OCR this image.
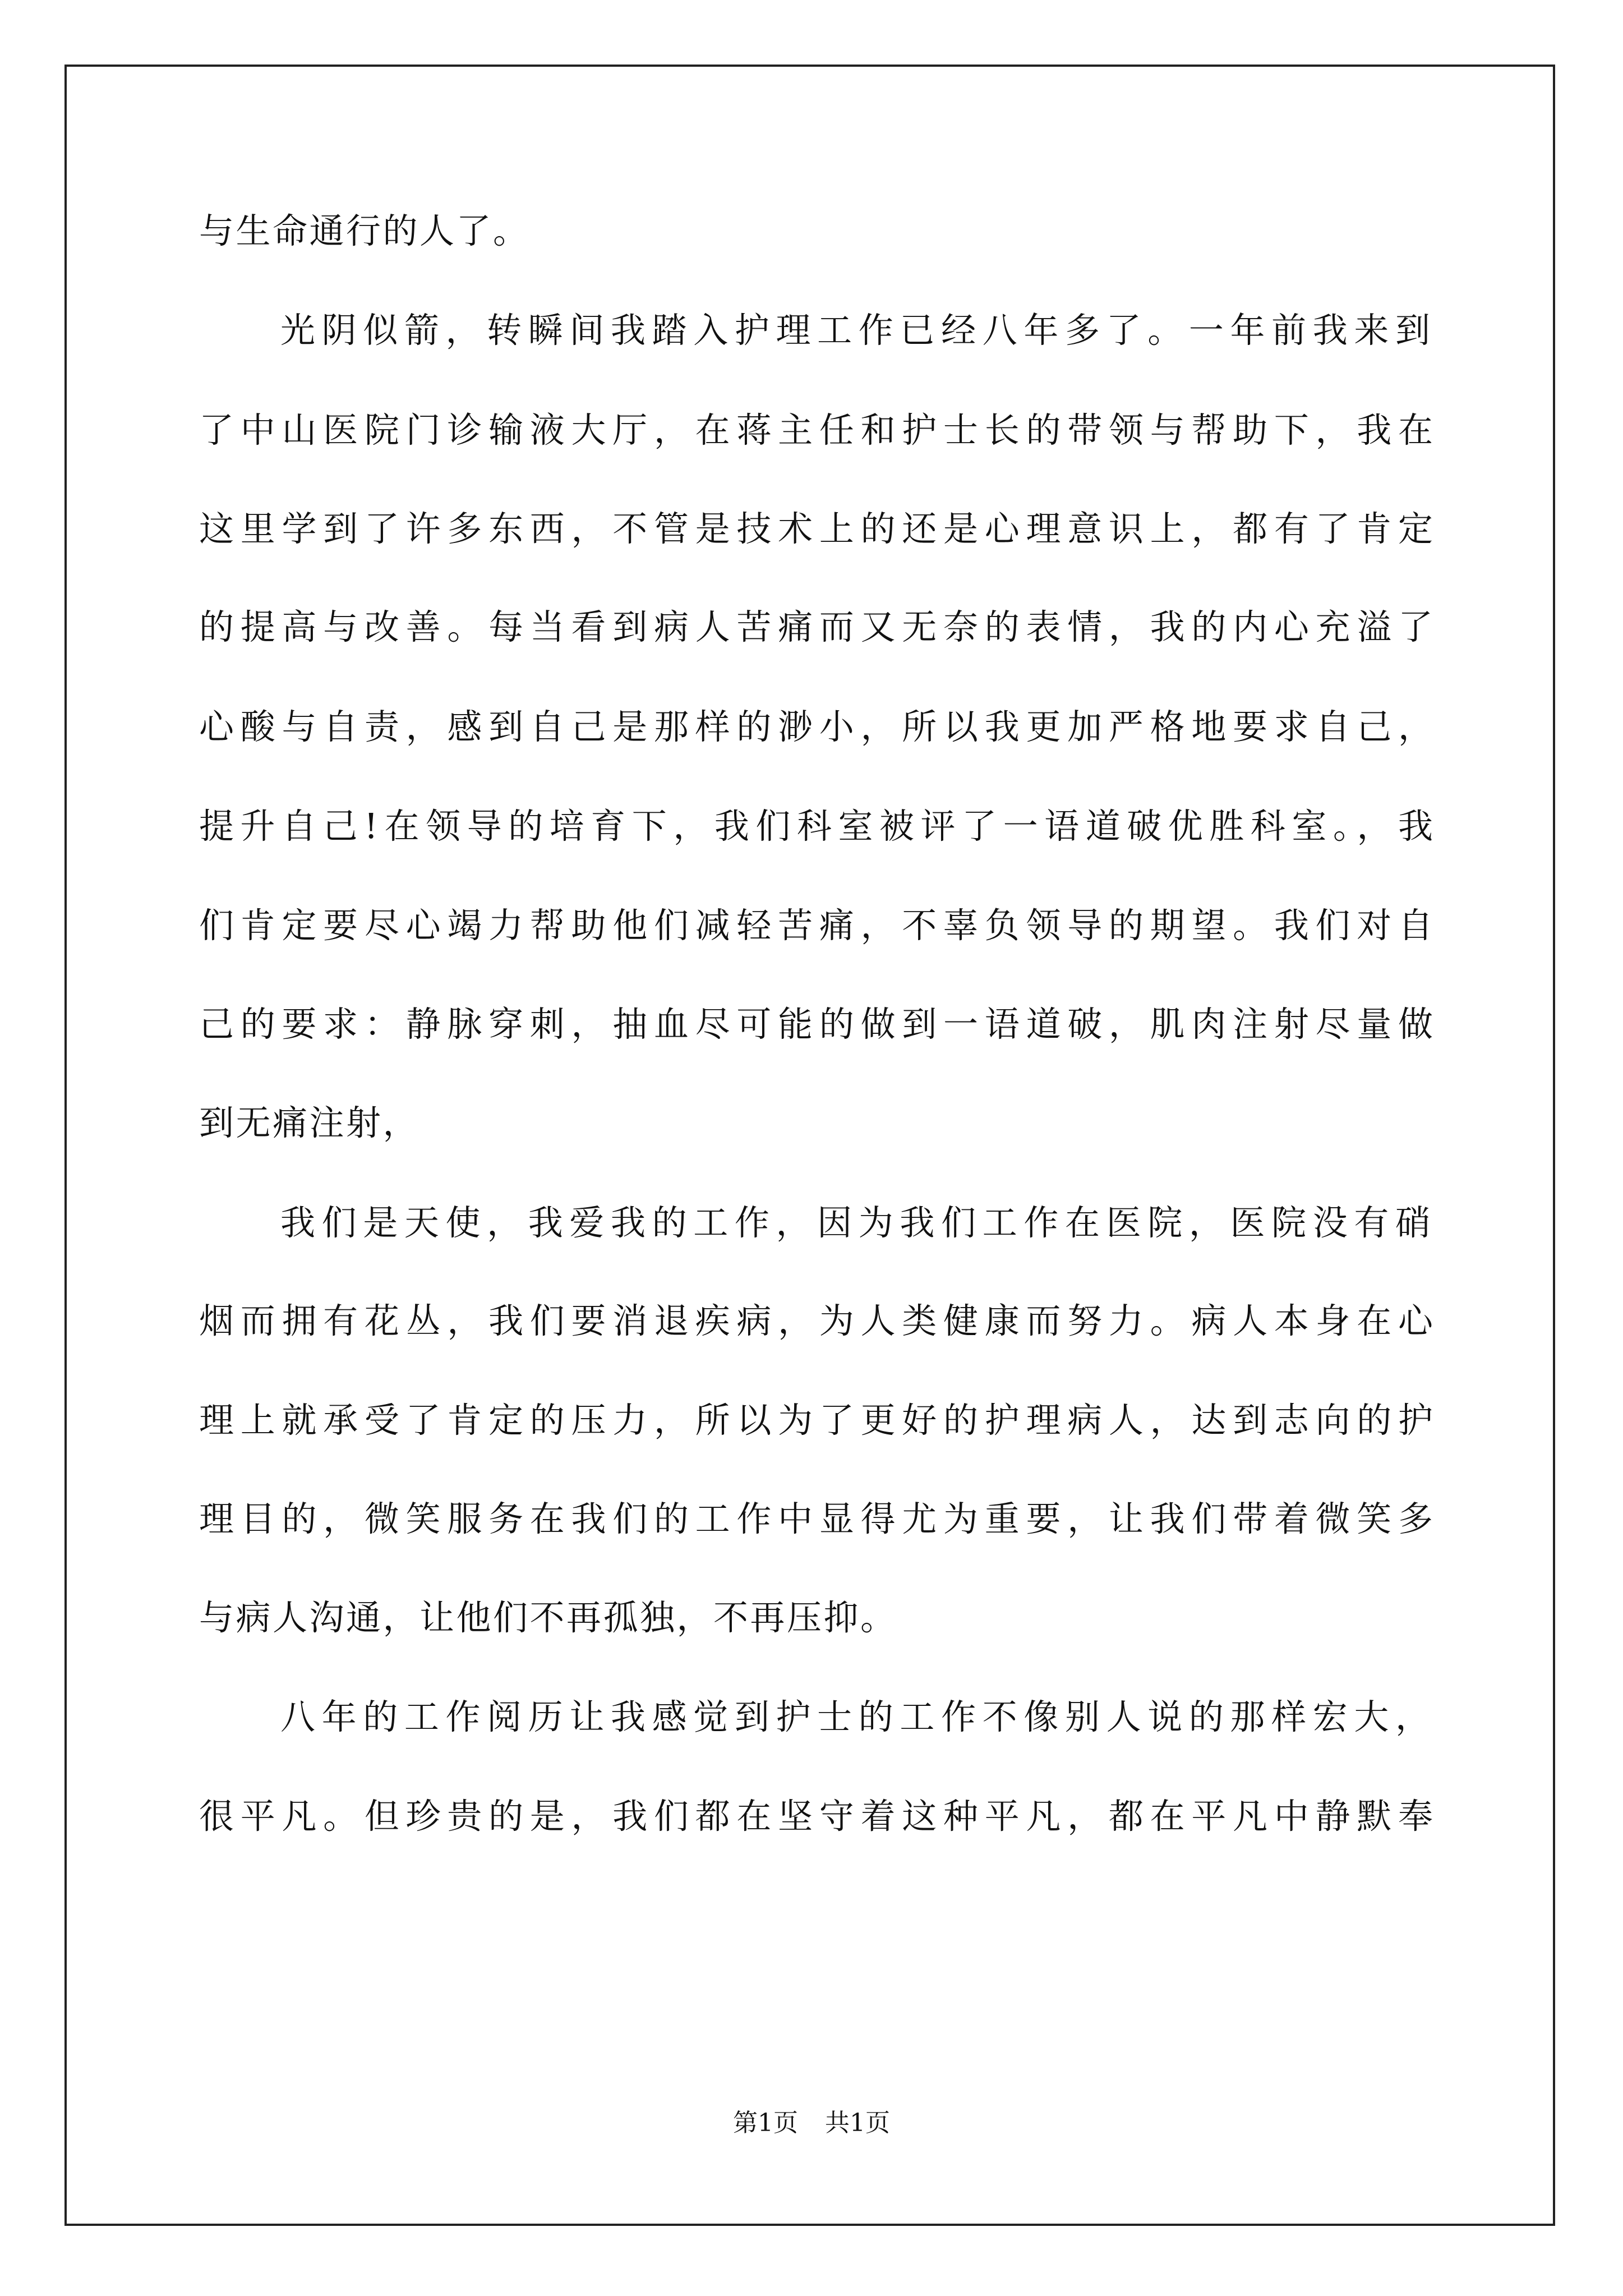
与生命通行的人了。
光阴似箭，转瞬间我踏入护理工作已经八年多了。一年前我来到
了中山医院门诊输液大厅，在蒋主任和护士长的带领与帮助下，我在
这里学到了许多东西，不管是技术上的还是心理意识上，都有了肯定
的提高与改善。每当看到病人苦痛而又无奈的表情，我的内心充溢了
心酸与自责，感到自己是那样的渺小，所以我更加严格地要求自己，
提升自己!在领导的培育下，我们科室被评了一语道破优胜科室。，我
们肯定要尽心竭力帮助他们减轻苦痛，不辜负领导的期望。我们对自
己的要求：静脉穿刺，抽血尽可能的做到一语道破，肌肉注射尽量做
到无痛注射，
我们是天使，我爱我的工作，因为我们工作在医院，医院没有硝
烟而拥有花丛，我们要消退疾病，为人类健康而努力。病人本身在心
理上就承受了肯定的压力，所以为了更好的护理病人，达到志向的护
理目的，微笑服务在我们的工作中显得尤为重要，让我们带着微笑多
与病人沟通，让他们不再孤独，不再压抑。
八年的工作阅历让我感觉到护士的工作不像别人说的那样宏大，
很平凡。但珍贵的是，我们都在坚守着这种平凡，都在平凡中静默奉
第1页 共1页
